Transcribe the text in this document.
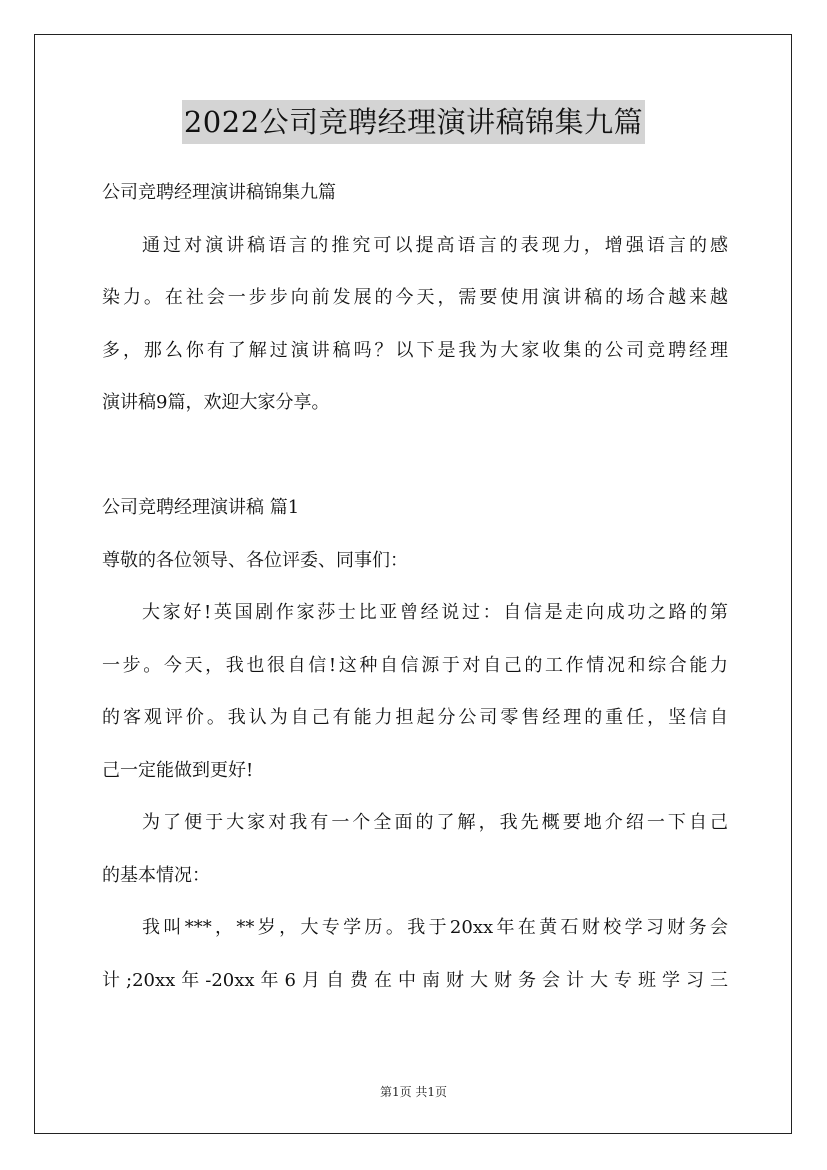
2022公司竞聘经理演讲稿锦集九篇
公司竞聘经理演讲稿锦集九篇
通过对演讲稿语言的推究可以提高语言的表现力，增强语言的感
染力。在社会一步步向前发展的今天，需要使用演讲稿的场合越来越
多，那么你有了解过演讲稿吗？以下是我为大家收集的公司竞聘经理
演讲稿9篇，欢迎大家分享。
公司竞聘经理演讲稿 篇1
尊敬的各位领导、各位评委、同事们：
大家好!英国剧作家莎士比亚曾经说过：自信是走向成功之路的第
一步。今天，我也很自信!这种自信源于对自己的工作情况和综合能力
的客观评价。我认为自己有能力担起分公司零售经理的重任，坚信自
己一定能做到更好!
为了便于大家对我有一个全面的了解，我先概要地介绍一下自己
的基本情况：
我叫***，**岁，大专学历。我于20xx年在黄石财校学习财务会
计;20xx年-20xx年6月自费在中南财大财务会计大专班学习三
第1页 共1页
